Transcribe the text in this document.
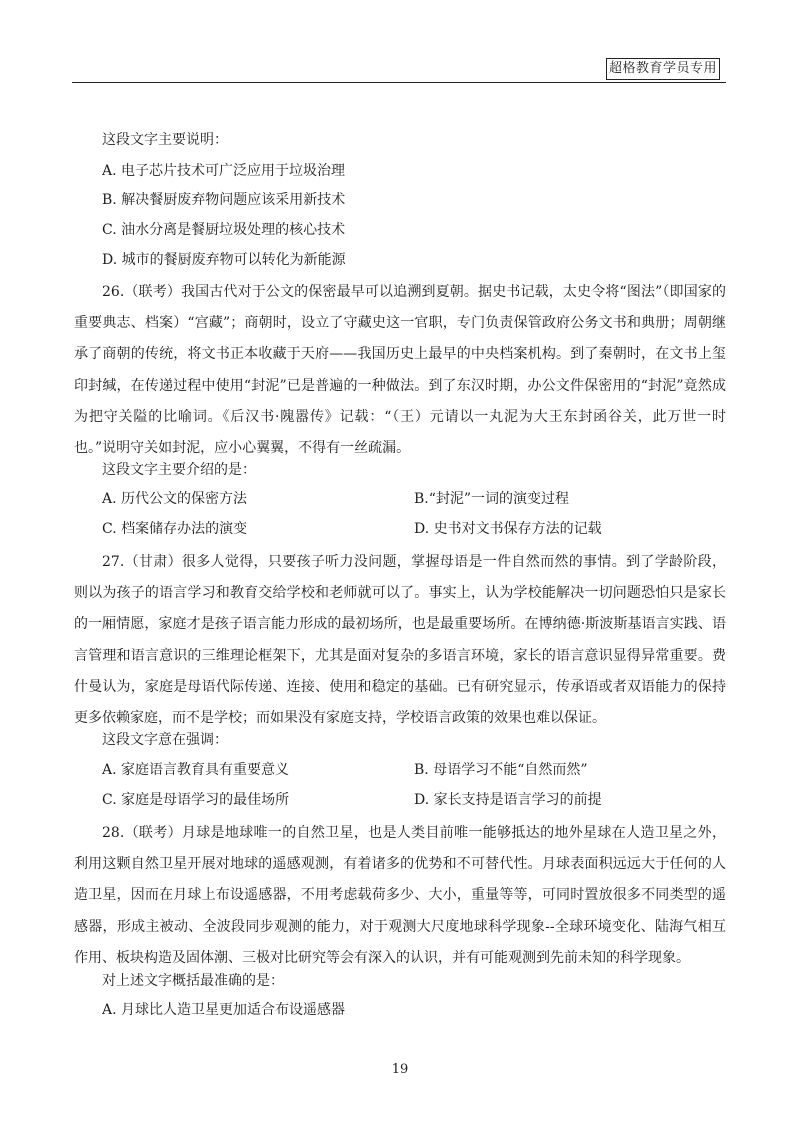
超格教育学员专用
这段文字主要说明：
A. 电子芯片技术可广泛应用于垃圾治理
B. 解决餐厨废弃物问题应该采用新技术
C. 油水分离是餐厨垃圾处理的核心技术
D. 城市的餐厨废弃物可以转化为新能源

26.（联考）我国古代对于公文的保密最早可以追溯到夏朝。据史书记载，太史令将“图法”（即国家的重要典志、档案）“宫藏”；商朝时，设立了守藏史这一官职，专门负责保管政府公务文书和典册；周朝继承了商朝的传统，将文书正本收藏于天府——我国历史上最早的中央档案机构。到了秦朝时，在文书上玺印封缄，在传递过程中使用“封泥”已是普遍的一种做法。到了东汉时期，办公文件保密用的“封泥”竟然成为把守关隘的比喻词。《后汉书·隗嚣传》记载：“（王）元请以一丸泥为大王东封函谷关，此万世一时也。”说明守关如封泥，应小心翼翼，不得有一丝疏漏。

这段文字主要介绍的是：
A. 历代公文的保密方法	B.“封泥”一词的演变过程
C. 档案储存办法的演变	D. 史书对文书保存方法的记载

27.（甘肃）很多人觉得，只要孩子听力没问题，掌握母语是一件自然而然的事情。到了学龄阶段，则以为孩子的语言学习和教育交给学校和老师就可以了。事实上，认为学校能解决一切问题恐怕只是家长的一厢情愿，家庭才是孩子语言能力形成的最初场所，也是最重要场所。在博纳德·斯波斯基语言实践、语言管理和语言意识的三维理论框架下，尤其是面对复杂的多语言环境，家长的语言意识显得异常重要。费什曼认为，家庭是母语代际传递、连接、使用和稳定的基础。已有研究显示，传承语或者双语能力的保持更多依赖家庭，而不是学校；而如果没有家庭支持，学校语言政策的效果也难以保证。

这段文字意在强调：
A. 家庭语言教育具有重要意义	B. 母语学习不能“自然而然”
C. 家庭是母语学习的最佳场所	D. 家长支持是语言学习的前提

28.（联考）月球是地球唯一的自然卫星，也是人类目前唯一能够抵达的地外星球在人造卫星之外，利用这颗自然卫星开展对地球的遥感观测，有着诸多的优势和不可替代性。月球表面积远远大于任何的人造卫星，因而在月球上布设遥感器，不用考虑载荷多少、大小，重量等等，可同时置放很多不同类型的遥感器，形成主被动、全波段同步观测的能力，对于观测大尺度地球科学现象--全球环境变化、陆海气相互作用、板块构造及固体潮、三极对比研究等会有深入的认识，并有可能观测到先前未知的科学现象。

对上述文字概括最准确的是：
A. 月球比人造卫星更加适合布设遥感器
19
